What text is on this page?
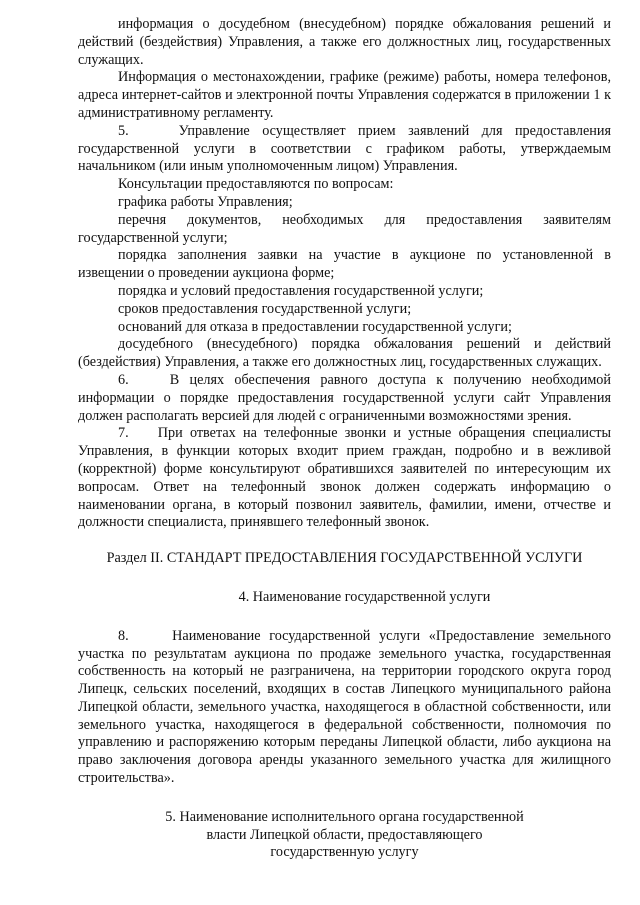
информация о досудебном (внесудебном) порядке обжалования решений и действий (бездействия) Управления, а также его должностных лиц, государственных служащих.

Информация о местонахождении, графике (режиме) работы, номера телефонов, адреса интернет-сайтов и электронной почты Управления содержатся в приложении 1 к административному регламенту.

5.    Управление осуществляет прием заявлений для предоставления государственной услуги в соответствии с графиком работы, утверждаемым начальником (или иным уполномоченным лицом) Управления.

Консультации предоставляются по вопросам:

графика работы Управления;

перечня документов, необходимых для предоставления заявителям государственной услуги;

порядка заполнения заявки на участие в аукционе по установленной в извещении о проведении аукциона форме;

порядка и условий предоставления государственной услуги;

сроков предоставления государственной услуги;

оснований для отказа в предоставлении государственной услуги;

досудебного (внесудебного) порядка обжалования решений и действий (бездействия) Управления, а также его должностных лиц, государственных служащих.

6.    В целях обеспечения равного доступа к получению необходимой информации о порядке предоставления государственной услуги сайт Управления должен располагать версией для людей с ограниченными возможностями зрения.

7.    При ответах на телефонные звонки и устные обращения специалисты Управления, в функции которых входит прием граждан, подробно и в вежливой (корректной) форме консультируют обратившихся заявителей по интересующим их вопросам. Ответ на телефонный звонок должен содержать информацию о наименовании органа, в который позвонил заявитель, фамилии, имени, отчестве и должности специалиста, принявшего телефонный звонок.

Раздел II. СТАНДАРТ ПРЕДОСТАВЛЕНИЯ ГОСУДАРСТВЕННОЙ УСЛУГИ

4. Наименование государственной услуги

8.     Наименование государственной услуги «Предоставление земельного участка по результатам аукциона по продаже земельного участка, государственная собственность на который не разграничена, на территории городского округа город Липецк, сельских поселений, входящих в состав Липецкого муниципального района Липецкой области, земельного участка, находящегося в областной собственности, или земельного участка, находящегося в федеральной собственности, полномочия по управлению и распоряжению которым переданы Липецкой области, либо аукциона на право заключения договора аренды указанного земельного участка для жилищного строительства».

5. Наименование исполнительного органа государственной

власти Липецкой области, предоставляющего

государственную услугу
